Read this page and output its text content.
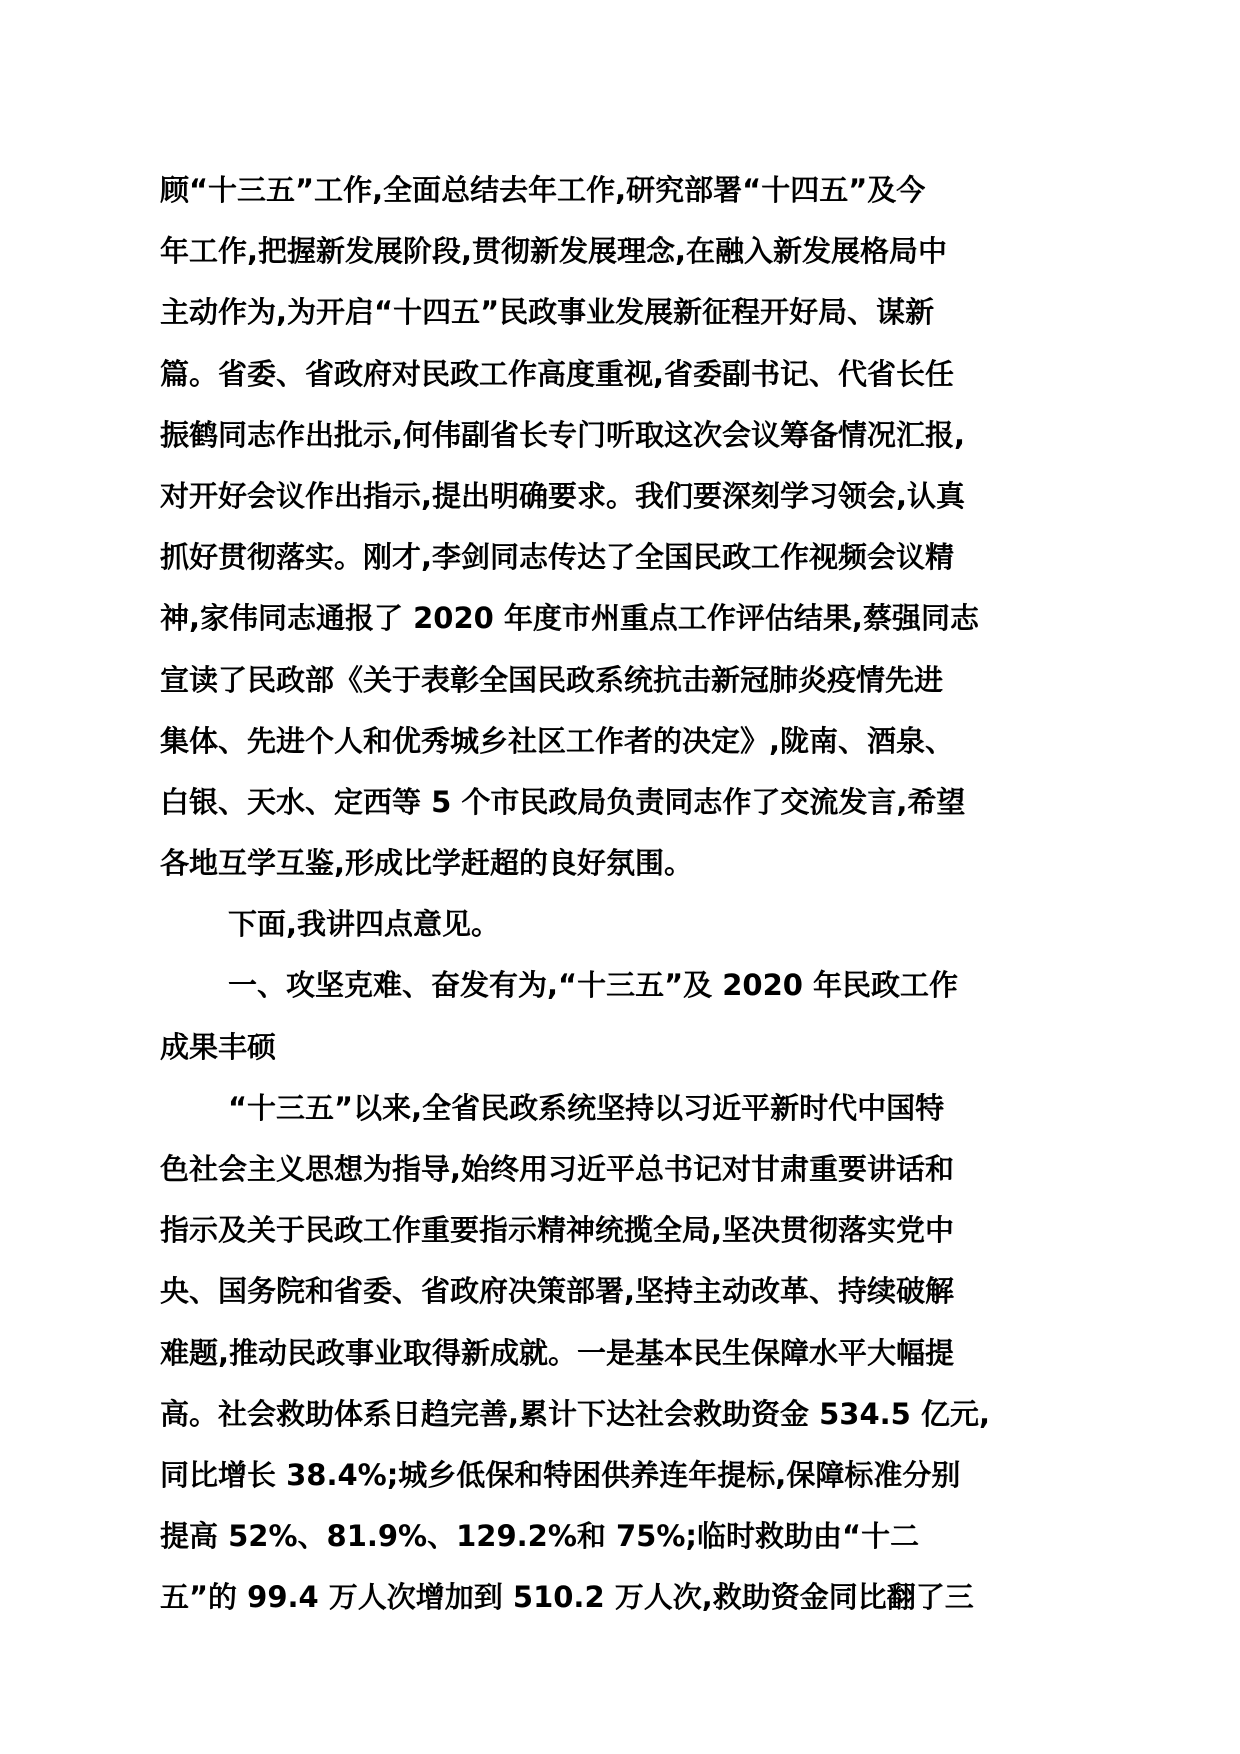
顾“十三五”工作,全面总结去年工作,研究部署“十四五”及今
年工作,把握新发展阶段,贯彻新发展理念,在融入新发展格局中
主动作为,为开启“十四五”民政事业发展新征程开好局、谋新
篇。省委、省政府对民政工作高度重视,省委副书记、代省长任
振鹤同志作出批示,何伟副省长专门听取这次会议筹备情况汇报,
对开好会议作出指示,提出明确要求。我们要深刻学习领会,认真
抓好贯彻落实。刚才,李剑同志传达了全国民政工作视频会议精
神,家伟同志通报了 2020 年度市州重点工作评估结果,蔡强同志
宣读了民政部《关于表彰全国民政系统抗击新冠肺炎疫情先进
集体、先进个人和优秀城乡社区工作者的决定》,陇南、酒泉、
白银、天水、定西等 5 个市民政局负责同志作了交流发言,希望
各地互学互鉴,形成比学赶超的良好氛围。
下面,我讲四点意见。
一、攻坚克难、奋发有为,“十三五”及 2020 年民政工作
成果丰硕
“十三五”以来,全省民政系统坚持以习近平新时代中国特
色社会主义思想为指导,始终用习近平总书记对甘肃重要讲话和
指示及关于民政工作重要指示精神统揽全局,坚决贯彻落实党中
央、国务院和省委、省政府决策部署,坚持主动改革、持续破解
难题,推动民政事业取得新成就。一是基本民生保障水平大幅提
高。社会救助体系日趋完善,累计下达社会救助资金 534.5 亿元,
同比增长 38.4%;城乡低保和特困供养连年提标,保障标准分别
提高 52%、81.9%、129.2%和 75%;临时救助由“十二
五”的 99.4 万人次增加到 510.2 万人次,救助资金同比翻了三
